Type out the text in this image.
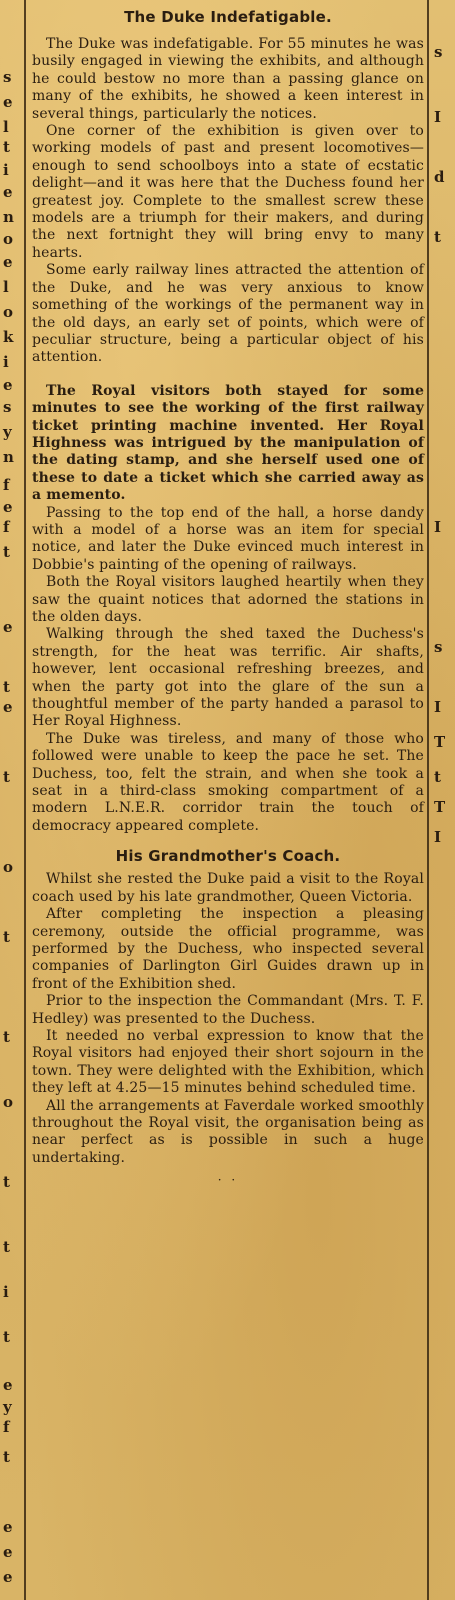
s
e
l
t
i
e
n
o
e
l
o
k
i
e
s
y
n
f
e
f
t
e
t
e
t
o
t
t
o
t
t
i
t
e
y
f
t
e
e
e
The Duke Indefatigable.

The Duke was indefatigable. For 55 minutes he was busily engaged in viewing the exhibits, and although he could bestow no more than a passing glance on many of the exhibits, he showed a keen interest in several things, particularly the notices.

One corner of the exhibition is given over to working models of past and present locomotives—enough to send schoolboys into a state of ecstatic delight—and it was here that the Duchess found her greatest joy. Complete to the smallest screw these models are a triumph for their makers, and during the next fortnight they will bring envy to many hearts.

Some early railway lines attracted the attention of the Duke, and he was very anxious to know something of the workings of the permanent way in the old days, an early set of points, which were of peculiar structure, being a particular object of his attention.

The Royal visitors both stayed for some minutes to see the working of the first railway ticket printing machine invented. Her Royal Highness was intrigued by the manipulation of the dating stamp, and she herself used one of these to date a ticket which she carried away as a memento.

Passing to the top end of the hall, a horse dandy with a model of a horse was an item for special notice, and later the Duke evinced much interest in Dobbie's painting of the opening of railways.

Both the Royal visitors laughed heartily when they saw the quaint notices that adorned the stations in the olden days.

Walking through the shed taxed the Duchess's strength, for the heat was terrific. Air shafts, however, lent occasional refreshing breezes, and when the party got into the glare of the sun a thoughtful member of the party handed a parasol to Her Royal Highness.

The Duke was tireless, and many of those who followed were unable to keep the pace he set. The Duchess, too, felt the strain, and when she took a seat in a third-class smoking compartment of a modern L.N.E.R. corridor train the touch of democracy appeared complete.

His Grandmother's Coach.

Whilst she rested the Duke paid a visit to the Royal coach used by his late grandmother, Queen Victoria.

After completing the inspection a pleasing ceremony, outside the official programme, was performed by the Duchess, who inspected several companies of Darlington Girl Guides drawn up in front of the Exhibition shed.

Prior to the inspection the Commandant (Mrs. T. F. Hedley) was presented to the Duchess.

It needed no verbal expression to know that the Royal visitors had enjoyed their short sojourn in the town. They were delighted with the Exhibition, which they left at 4.25—15 minutes behind scheduled time.

All the arrangements at Faverdale worked smoothly throughout the Royal visit, the organisation being as near perfect as is possible in such a huge undertaking.

· ·
s
I
d
t
I
s
I
T
t
T
I
